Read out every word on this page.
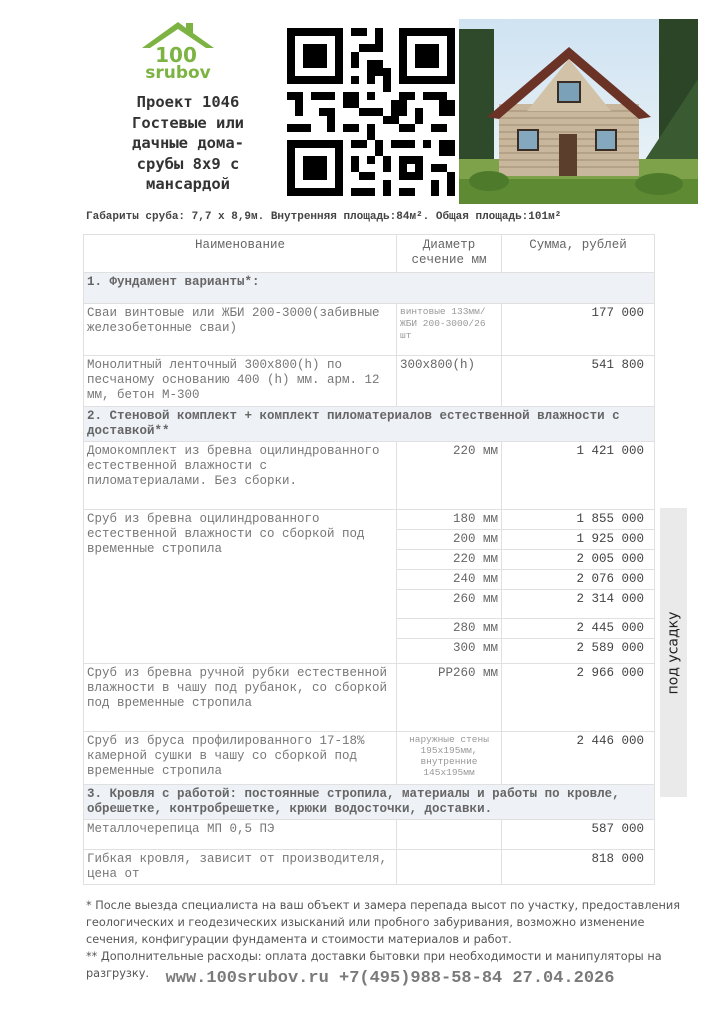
100
srubov
Проект 1046
Гостевые или
дачные дома-
срубы 8х9 с
мансардой
Габариты сруба: 7,7 х 8,9м. Внутренняя площадь:84м². Общая площадь:101м²
Наименование	Диаметр сечение мм	Сумма, рублей
1. Фундамент варианты*:		
Сваи винтовые или ЖБИ 200-3000(забивные железобетонные сваи)	винтовые 133мм/ЖБИ 200-3000/26 шт	177 000
Монолитный ленточный 300х800(h) по песчаному основанию 400 (h) мм. арм. 12 мм, бетон М-300	300х800(h)	541 800
2. Стеновой комплект + комплект пиломатериалов естественной влажности с доставкой**		
Домокомплект из бревна оцилиндрованного естественной влажности с пиломатериалами. Без сборки.	220 мм	1 421 000
Сруб из бревна оцилиндрованного естественной влажности со сборкой под временные стропила	180 мм	1 855 000
	200 мм	1 925 000
	220 мм	2 005 000
	240 мм	2 076 000
	260 мм	2 314 000
	280 мм	2 445 000
	300 мм	2 589 000
Сруб из бревна ручной рубки естественной влажности в чашу под рубанок, со сборкой под временные стропила	РР260 мм	2 966 000
Сруб из бруса профилированного 17-18% камерной сушки в чашу со сборкой под временные стропила	наружные стены 195х195мм, внутренние 145х195мм	2 446 000
3. Кровля с работой: постоянные стропила, материалы и работы по кровле, обрешетке, контробрешетке, крюки водосточки, доставки.		
Металлочерепица МП 0,5 ПЭ		587 000
Гибкая кровля, зависит от производителя, цена от		818 000
под усадку
* После выезда специалиста на ваш объект и замера перепада высот по участку, предоставления геологических и геодезических изысканий или пробного забуривания, возможно изменение сечения, конфигурации фундамента и стоимости материалов и работ.
** Дополнительные расходы: оплата доставки бытовки при необходимости и манипуляторы на разгрузку. www.100srubov.ru +7(495)988-58-84 27.04.2026
